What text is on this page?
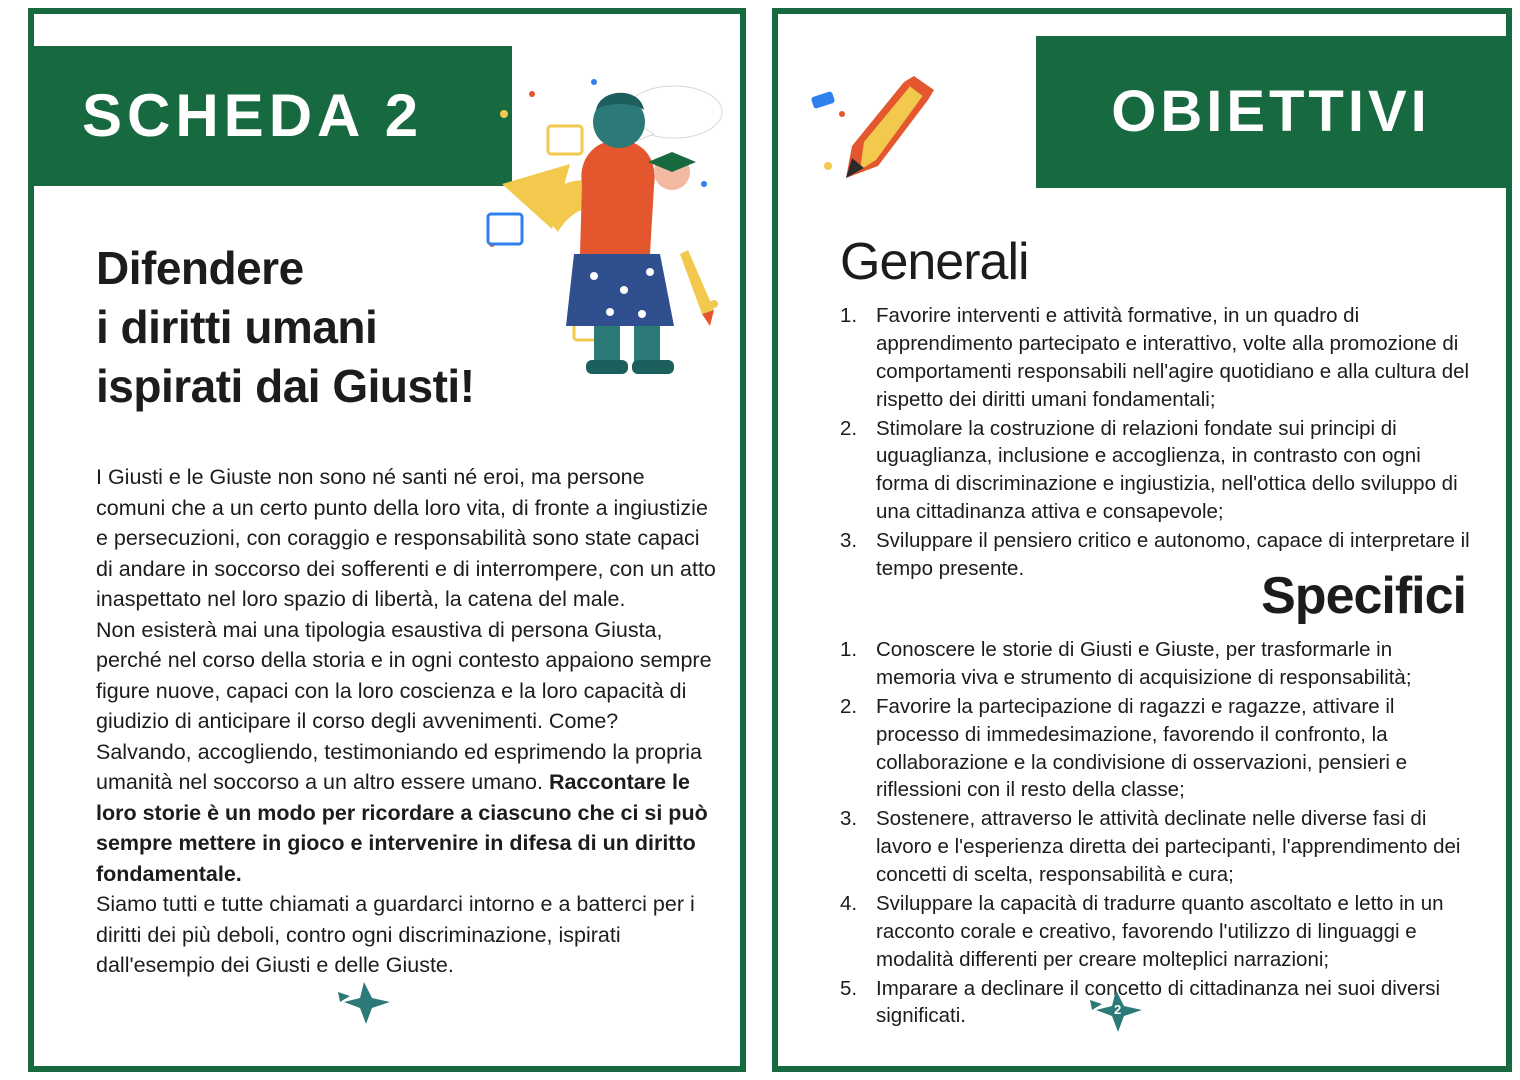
SCHEDA 2
Difendere
i diritti umani
ispirati dai Giusti!

I Giusti e le Giuste non sono né santi né eroi, ma persone comuni che a un certo punto della loro vita, di fronte a ingiustizie e persecuzioni, con coraggio e responsabilità sono state capaci di andare in soccorso dei sofferenti e di interrompere, con un atto inaspettato nel loro spazio di libertà, la catena del male.

Non esisterà mai una tipologia esaustiva di persona Giusta, perché nel corso della storia e in ogni contesto appaiono sempre figure nuove, capaci con la loro coscienza e la loro capacità di giudizio di anticipare il corso degli avvenimenti. Come? Salvando, accogliendo, testimoniando ed esprimendo la propria umanità nel soccorso a un altro essere umano. Raccontare le loro storie è un modo per ricordare a ciascuno che ci si può sempre mettere in gioco e intervenire in difesa di un diritto fondamentale.

Siamo tutti e tutte chiamati a guardarci intorno e a batterci per i diritti dei più deboli, contro ogni discriminazione, ispirati dall'esempio dei Giusti e delle Giuste.

OBIETTIVI
Generali
1. Favorire interventi e attività formative, in un quadro di apprendimento partecipato e interattivo, volte alla promozione di comportamenti responsabili nell'agire quotidiano e alla cultura del rispetto dei diritti umani fondamentali;
2. Stimolare la costruzione di relazioni fondate sui principi di uguaglianza, inclusione e accoglienza, in contrasto con ogni forma di discriminazione e ingiustizia, nell'ottica dello sviluppo di una cittadinanza attiva e consapevole;
3. Sviluppare il pensiero critico e autonomo, capace di interpretare il tempo presente.	Specifici
1. Conoscere le storie di Giusti e Giuste, per trasformarle in memoria viva e strumento di acquisizione di responsabilità;
2. Favorire la partecipazione di ragazzi e ragazze, attivare il processo di immedesimazione, favorendo il confronto, la collaborazione e la condivisione di osservazioni, pensieri e riflessioni con il resto della classe;
3. Sostenere, attraverso le attività declinate nelle diverse fasi di lavoro e l'esperienza diretta dei partecipanti, l'apprendimento dei concetti di scelta, responsabilità e cura;
4. Sviluppare la capacità di tradurre quanto ascoltato e letto in un racconto corale e creativo, favorendo l'utilizzo di linguaggi e modalità differenti per creare molteplici narrazioni;
5. Imparare a declinare il concetto di cittadinanza nei suoi diversi significati.	2
